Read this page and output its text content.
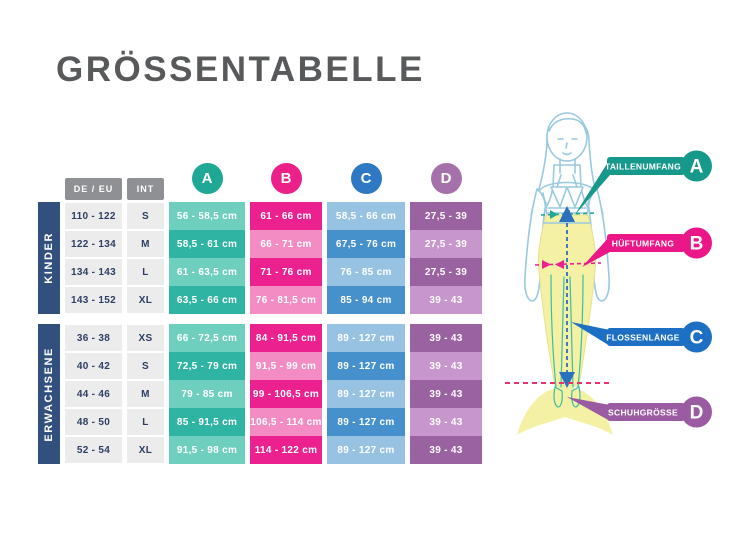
GRÖSSENTABELLE
DE / EU	INT
A	B	C	D
KINDER
110 - 122	S	56 - 58,5 cm	61 - 66 cm	58,5 - 66 cm	27,5 - 39
122 - 134	M	58,5 - 61 cm	66 - 71 cm	67,5 - 76 cm	27,5 - 39
134 - 143	L	61 - 63,5 cm	71 - 76 cm	76 - 85 cm	27,5 - 39
143 - 152	XL	63,5 - 66 cm	76 - 81,5 cm	85 - 94 cm	39 - 43
ERWACHSENE
36 - 38	XS	66 - 72,5 cm	84 - 91,5 cm	89 - 127 cm	39 - 43
40 - 42	S	72,5 - 79 cm	91,5 - 99 cm	89 - 127 cm	39 - 43
44 - 46	M	79 - 85 cm	99 - 106,5 cm	89 - 127 cm	39 - 43
48 - 50	L	85 - 91,5 cm	106,5 - 114 cm	89 - 127 cm	39 - 43
52 - 54	XL	91,5 - 98 cm	114 - 122 cm	89 - 127 cm	39 - 43
TAILLENUMFANG A
HÜFTUMFANG B
FLOSSENLÄNGE C
SCHUHGRÖSSE D
